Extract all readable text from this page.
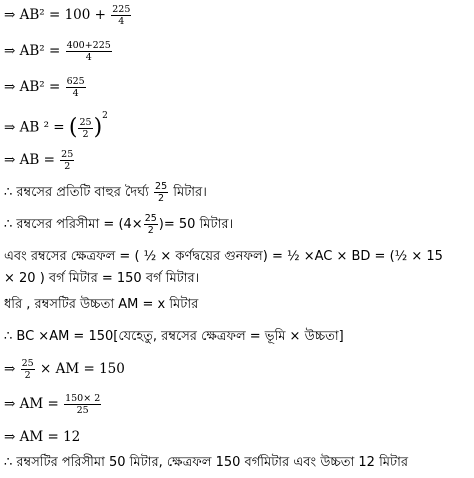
⇒ $AB^2 = 100 + \frac{225}{4}$
⇒ $AB^2 = \frac{400+225}{4}$
⇒ $AB^2 = \frac{625}{4}$
⇒ AB ² = ( $\frac{25}{2} )^2$
⇒ AB = $\frac{25}{2}$
∴ রম্বসের প্রতিটি বাহুর দৈর্ঘ্য $\frac{25}{2}$ মিটার।
∴ রম্বসের পরিসীমা = ($4\times \frac{25}{2}$ )= 50 মিটার।
এবং রম্বসের ক্ষেত্রফল = ( ½ × কর্ণদ্বয়ের গুনফল) = ½ ×AC × BD = (½ × 15
× 20 ) বর্গ মিটার = 150 বর্গ মিটার।
ধরি , রম্বসটির উচ্চতা AM = x মিটার
∴ BC ×AM = 150[যেহেতু, রম্বসের ক্ষেত্রফল = ভূমি × উচ্চতা]
⇒ $\frac{25}{2}$ × AM = 150
⇒ AM = $\frac{150\times 2}{25}$
⇒ AM = 12
∴ রম্বসটির পরিসীমা 50 মিটার, ক্ষেত্রফল 150 বর্গমিটার এবং উচ্চতা 12 মিটার
